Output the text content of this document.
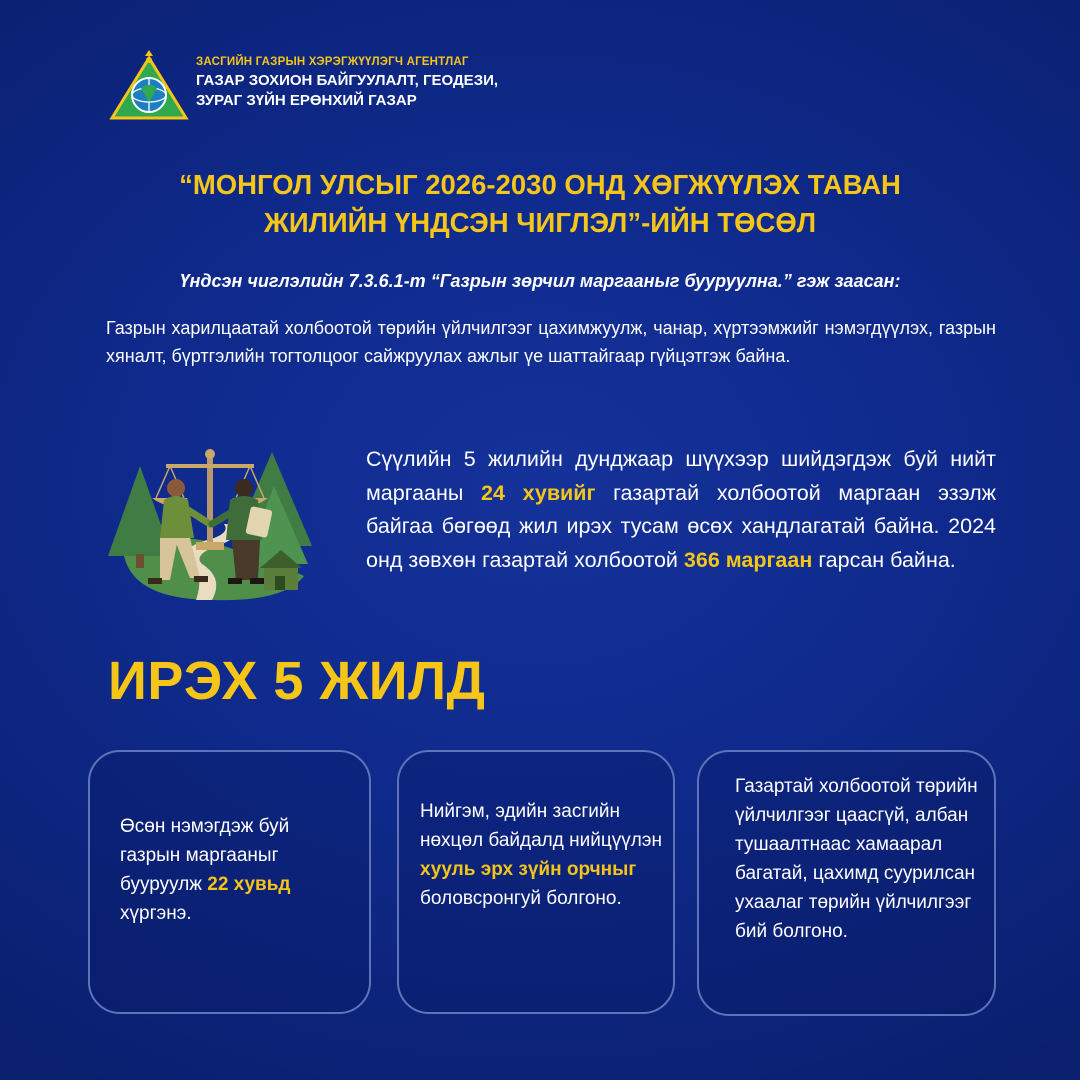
ЗАСГИЙН ГАЗРЫН ХЭРЭГЖҮҮЛЭГЧ АГЕНТЛАГ
ГАЗАР ЗОХИОН БАЙГУУЛАЛТ, ГЕОДЕЗИ,
ЗУРАГ ЗҮЙН ЕРӨНХИЙ ГАЗАР
“МОНГОЛ УЛСЫГ 2026-2030 ОНД ХӨГЖҮҮЛЭХ ТАВАН
ЖИЛИЙН ҮНДСЭН ЧИГЛЭЛ”-ИЙН ТӨСӨЛ
Үндсэн чиглэлийн 7.3.6.1-т “Газрын зөрчил маргааныг бууруулна.” гэж заасан:
Газрын харилцаатай холбоотой төрийн үйлчилгээг цахимжуулж, чанар, хүртээмжийг нэмэгдүүлэх, газрын хяналт, бүртгэлийн тогтолцоог сайжруулах ажлыг үе шаттайгаар гүйцэтгэж байна.
Сүүлийн 5 жилийн дунджаар шүүхээр шийдэгдэж буй нийт маргааны 24 хувийг газартай холбоотой маргаан эзэлж байгаа бөгөөд жил ирэх тусам өсөх хандлагатай байна. 2024 онд зөвхөн газартай холбоотой 366 маргаан гарсан байна.
ИРЭХ 5 ЖИЛД

Өсөн нэмэгдэж буй газрын маргааныг бууруулж 22 хувьд хүргэнэ.

Нийгэм, эдийн засгийн нөхцөл байдалд нийцүүлэн хууль эрх зүйн орчныг боловсронгуй болгоно.

Газартай холбоотой төрийн үйлчилгээг цаасгүй, албан тушаалтнаас хамаарал багатай, цахимд суурилсан ухаалаг төрийн үйлчилгээг бий болгоно.
